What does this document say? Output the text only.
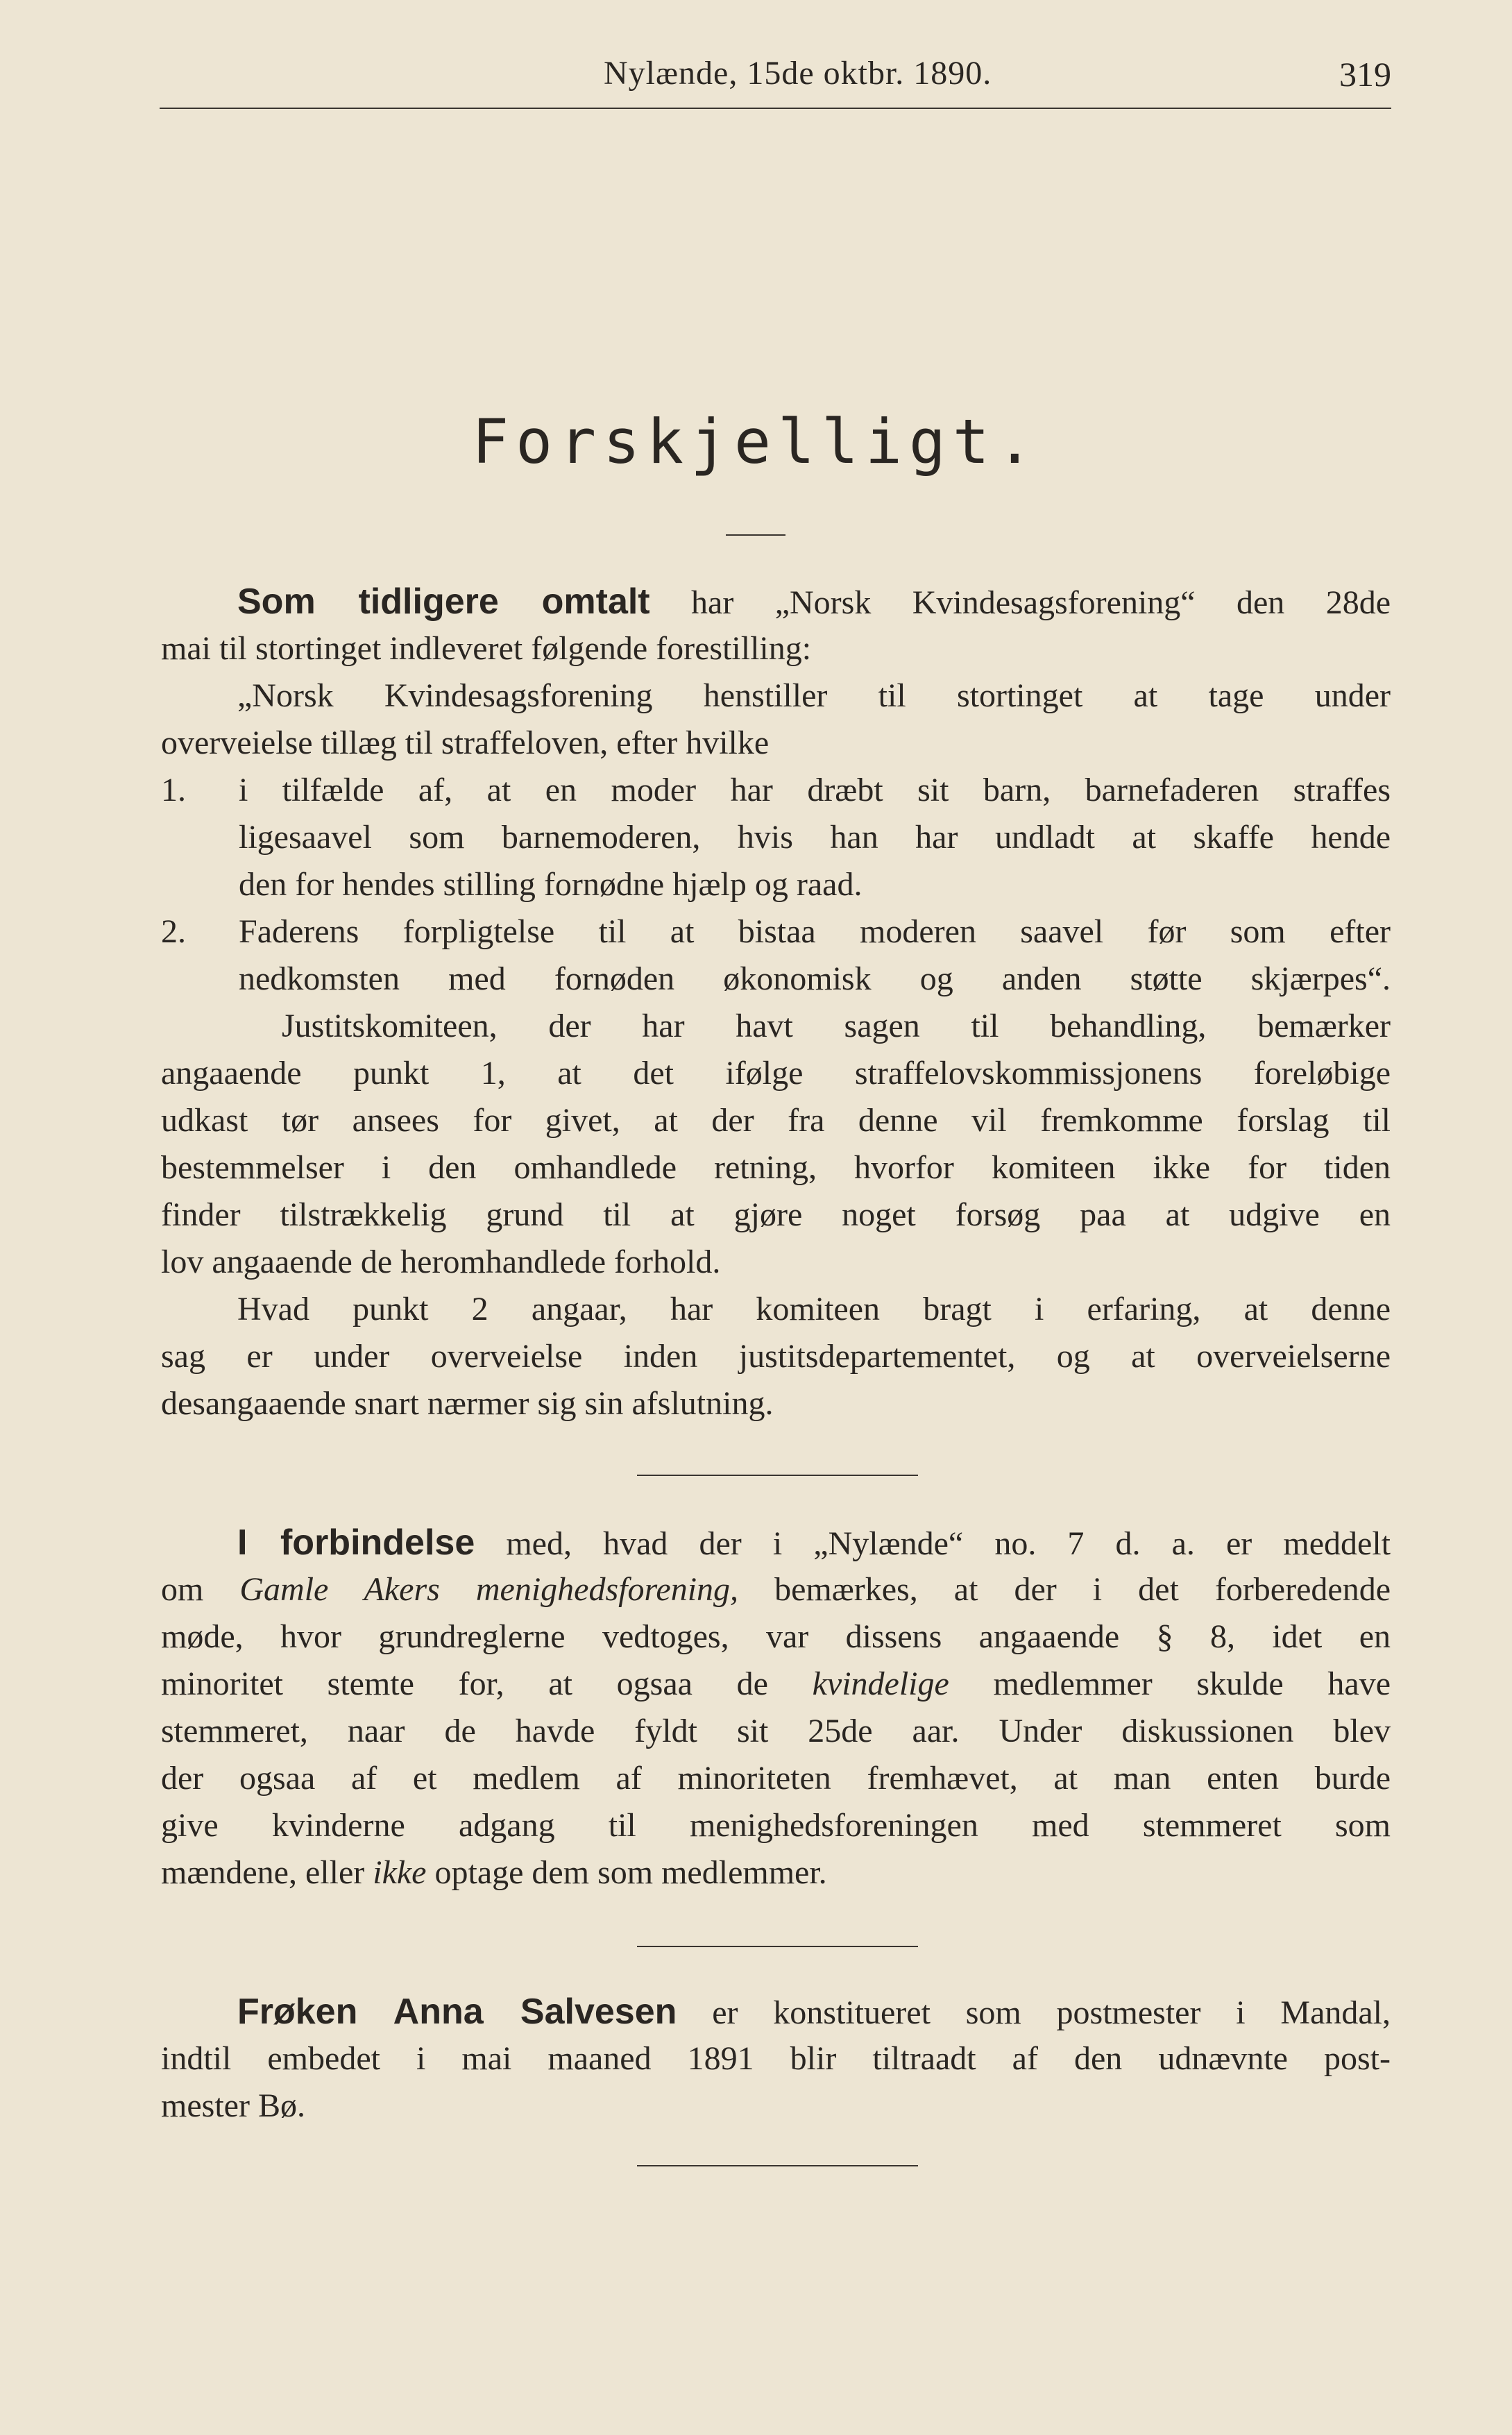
Nylænde, 15de oktbr. 1890.	319
Forskjelligt.
Som tidligere omtalt har „Norsk Kvindesagsforening“ den 28de
mai til stortinget indleveret følgende forestilling:
„Norsk Kvindesagsforening henstiller til stortinget at tage under
overveielse tillæg til straffeloven, efter hvilke
1. i tilfælde af, at en moder har dræbt sit barn, barnefaderen straffes
ligesaavel som barnemoderen, hvis han har undladt at skaffe hende
den for hendes stilling fornødne hjælp og raad.
2. Faderens forpligtelse til at bistaa moderen saavel før som efter
nedkomsten med fornøden økonomisk og anden støtte skjærpes“.
Justitskomiteen, der har havt sagen til behandling, bemærker
angaaende punkt 1, at det ifølge straffelovskommissjonens foreløbige
udkast tør ansees for givet, at der fra denne vil fremkomme forslag til
bestemmelser i den omhandlede retning, hvorfor komiteen ikke for tiden
finder tilstrækkelig grund til at gjøre noget forsøg paa at udgive en
lov angaaende de heromhandlede forhold.
Hvad punkt 2 angaar, har komiteen bragt i erfaring, at denne
sag er under overveielse inden justitsdepartementet, og at overveielserne
desangaaende snart nærmer sig sin afslutning.
I forbindelse med, hvad der i „Nylænde“ no. 7 d. a. er meddelt
om Gamle Akers menighedsforening, bemærkes, at der i det forberedende
møde, hvor grundreglerne vedtoges, var dissens angaaende § 8, idet en
minoritet stemte for, at ogsaa de kvindelige medlemmer skulde have
stemmeret, naar de havde fyldt sit 25de aar. Under diskussionen blev
der ogsaa af et medlem af minoriteten fremhævet, at man enten burde
give kvinderne adgang til menighedsforeningen med stemmeret som
mændene, eller ikke optage dem som medlemmer.
Frøken Anna Salvesen er konstitueret som postmester i Mandal,
indtil embedet i mai maaned 1891 blir tiltraadt af den udnævnte post-
mester Bø.
